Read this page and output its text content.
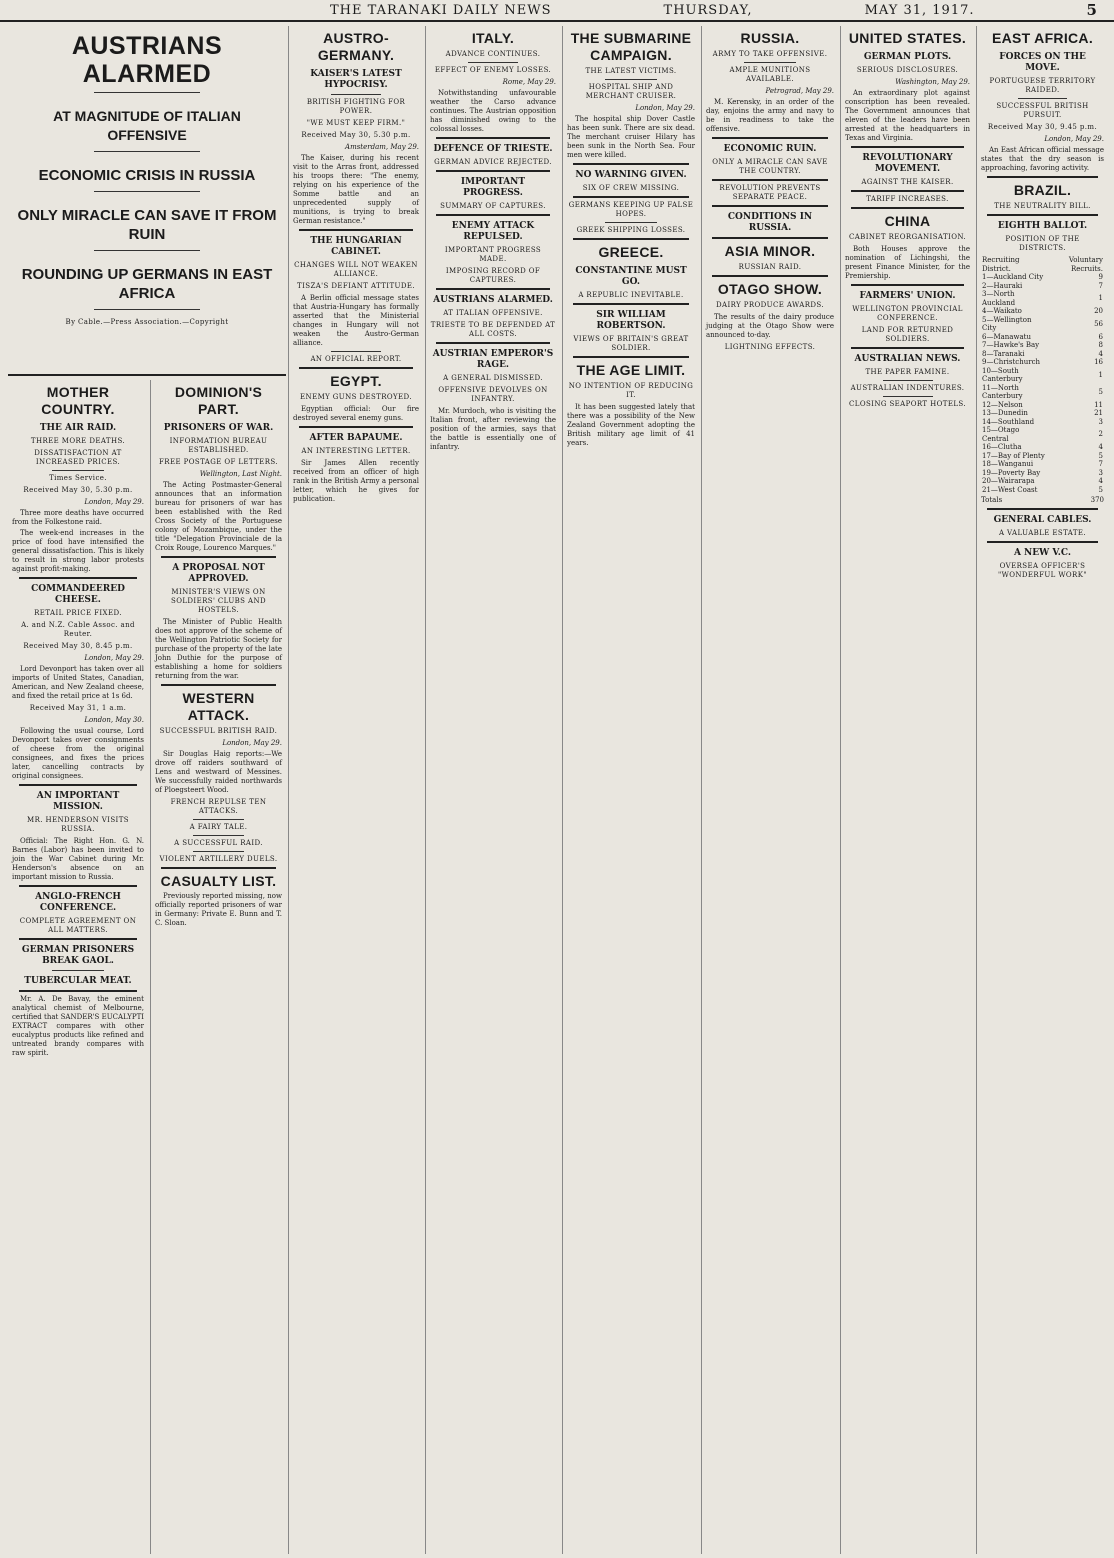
THE TARANAKI DAILY NEWS	THURSDAY,	MAY 31, 1917.	5
AUSTRIANS ALARMED
AT MAGNITUDE OF ITALIAN OFFENSIVE
ECONOMIC CRISIS IN RUSSIA
ONLY MIRACLE CAN SAVE IT FROM RUIN
ROUNDING UP GERMANS IN EAST AFRICA
By Cable.—Press Association.—Copyright
MOTHER COUNTRY.
THE AIR RAID.
THREE MORE DEATHS.
DISSATISFACTION AT INCREASED PRICES.
Times Service.
Received May 30, 5.30 p.m.
London, May 29.

Three more deaths have occurred from the Folkestone raid.

The week-end increases in the price of food have intensified the general dissatisfaction. This is likely to result in strong labor protests against profit-making.

COMMANDEERED CHEESE.
RETAIL PRICE FIXED.
A. and N.Z. Cable Assoc. and Reuter.
Received May 30, 8.45 p.m.
London, May 29.

Lord Devonport has taken over all imports of United States, Canadian, American, and New Zealand cheese, and fixed the retail price at 1s 6d.

Received May 31, 1 a.m.
London, May 30.

Following the usual course, Lord Devonport takes over consignments of cheese from the original consignees, and fixes the prices later, cancelling contracts by original consignees.

AN IMPORTANT MISSION.
MR. HENDERSON VISITS RUSSIA.

Official: The Right Hon. G. N. Barnes (Labor) has been invited to join the War Cabinet during Mr. Henderson's absence on an important mission to Russia.

ANGLO-FRENCH CONFERENCE.
COMPLETE AGREEMENT ON ALL MATTERS.
GERMAN PRISONERS BREAK GAOL.
TUBERCULAR MEAT.

Mr. A. De Bavay, the eminent analytical chemist of Melbourne, certified that SANDER'S EUCALYPTI EXTRACT compares with other eucalyptus products like refined and untreated brandy compares with raw spirit.

DOMINION'S PART.
PRISONERS OF WAR.
INFORMATION BUREAU ESTABLISHED.
FREE POSTAGE OF LETTERS.
Wellington, Last Night.

The Acting Postmaster-General announces that an information bureau for prisoners of war has been established with the Red Cross Society of the Portuguese colony of Mozambique, under the title "Delegation Provinciale de la Croix Rouge, Lourenco Marques."

A PROPOSAL NOT APPROVED.
MINISTER'S VIEWS ON SOLDIERS' CLUBS AND HOSTELS.

The Minister of Public Health does not approve of the scheme of the Wellington Patriotic Society for purchase of the property of the late John Duthie for the purpose of establishing a home for soldiers returning from the war.

WESTERN ATTACK.
SUCCESSFUL BRITISH RAID.
London, May 29.

Sir Douglas Haig reports:—We drove off raiders southward of Lens and westward of Messines. We successfully raided northwards of Ploegsteert Wood.

FRENCH REPULSE TEN ATTACKS.
A FAIRY TALE.
A SUCCESSFUL RAID.
VIOLENT ARTILLERY DUELS.
CASUALTY LIST.

Previously reported missing, now officially reported prisoners of war in Germany: Private E. Bunn and T. C. Sloan.

AUSTRO-GERMANY.
KAISER'S LATEST HYPOCRISY.
BRITISH FIGHTING FOR POWER.
"WE MUST KEEP FIRM."
Received May 30, 5.30 p.m.
Amsterdam, May 29.

The Kaiser, during his recent visit to the Arras front, addressed his troops there: "The enemy, relying on his experience of the Somme battle and an unprecedented supply of munitions, is trying to break German resistance."

THE HUNGARIAN CABINET.
CHANGES WILL NOT WEAKEN ALLIANCE.
TISZA'S DEFIANT ATTITUDE.

A Berlin official message states that Austria-Hungary has formally asserted that the Ministerial changes in Hungary will not weaken the Austro-German alliance.

AN OFFICIAL REPORT.
EGYPT.
ENEMY GUNS DESTROYED.

Egyptian official: Our fire destroyed several enemy guns.

AFTER BAPAUME.
AN INTERESTING LETTER.

Sir James Allen recently received from an officer of high rank in the British Army a personal letter, which he gives for publication.

ITALY.
ADVANCE CONTINUES.
EFFECT OF ENEMY LOSSES.
Rome, May 29.

Notwithstanding unfavourable weather the Carso advance continues. The Austrian opposition has diminished owing to the colossal losses.

DEFENCE OF TRIESTE.
GERMAN ADVICE REJECTED.
IMPORTANT PROGRESS.
SUMMARY OF CAPTURES.
ENEMY ATTACK REPULSED.
IMPORTANT PROGRESS MADE.
IMPOSING RECORD OF CAPTURES.
AUSTRIANS ALARMED.
AT ITALIAN OFFENSIVE.
TRIESTE TO BE DEFENDED AT ALL COSTS.
AUSTRIAN EMPEROR'S RAGE.
A GENERAL DISMISSED.
OFFENSIVE DEVOLVES ON INFANTRY.

Mr. Murdoch, who is visiting the Italian front, after reviewing the position of the armies, says that the battle is essentially one of infantry.

THE SUBMARINE CAMPAIGN.
THE LATEST VICTIMS.
HOSPITAL SHIP AND MERCHANT CRUISER.
London, May 29.

The hospital ship Dover Castle has been sunk. There are six dead. The merchant cruiser Hilary has been sunk in the North Sea. Four men were killed.

NO WARNING GIVEN.
SIX OF CREW MISSING.
GERMANS KEEPING UP FALSE HOPES.
GREEK SHIPPING LOSSES.
GREECE.
CONSTANTINE MUST GO.
A REPUBLIC INEVITABLE.
SIR WILLIAM ROBERTSON.
VIEWS OF BRITAIN'S GREAT SOLDIER.
THE AGE LIMIT.
NO INTENTION OF REDUCING IT.

It has been suggested lately that there was a possibility of the New Zealand Government adopting the British military age limit of 41 years.

RUSSIA.
ARMY TO TAKE OFFENSIVE.
AMPLE MUNITIONS AVAILABLE.
Petrograd, May 29.

M. Kerensky, in an order of the day, enjoins the army and navy to be in readiness to take the offensive.

ECONOMIC RUIN.
ONLY A MIRACLE CAN SAVE THE COUNTRY.
REVOLUTION PREVENTS SEPARATE PEACE.
CONDITIONS IN RUSSIA.
ASIA MINOR.
RUSSIAN RAID.
OTAGO SHOW.
DAIRY PRODUCE AWARDS.

The results of the dairy produce judging at the Otago Show were announced to-day.

LIGHTNING EFFECTS.
UNITED STATES.
GERMAN PLOTS.
SERIOUS DISCLOSURES.
Washington, May 29.

An extraordinary plot against conscription has been revealed. The Government announces that eleven of the leaders have been arrested at the headquarters in Texas and Virginia.

REVOLUTIONARY MOVEMENT.
AGAINST THE KAISER.
TARIFF INCREASES.
CHINA
CABINET REORGANISATION.

Both Houses approve the nomination of Lichingshi, the present Finance Minister, for the Premiership.

FARMERS' UNION.
WELLINGTON PROVINCIAL CONFERENCE.
LAND FOR RETURNED SOLDIERS.
AUSTRALIAN NEWS.
THE PAPER FAMINE.
AUSTRALIAN INDENTURES.
CLOSING SEAPORT HOTELS.
EAST AFRICA.
FORCES ON THE MOVE.
PORTUGUESE TERRITORY RAIDED.
SUCCESSFUL BRITISH PURSUIT.
Received May 30, 9.45 p.m.
London, May 29.

An East African official message states that the dry season is approaching, favoring activity.

BRAZIL.
THE NEUTRALITY BILL.
EIGHTH BALLOT.
POSITION OF THE DISTRICTS.
Recruiting District.	Voluntary Recruits.
1—Auckland City	9
2—Hauraki	7
3—North Auckland	1
4—Waikato	20
5—Wellington City	56
6—Manawatu	6
7—Hawke's Bay	8
8—Taranaki	4
9—Christchurch	16
10—South Canterbury	1
11—North Canterbury	5
12—Nelson	11
13—Dunedin	21
14—Southland	3
15—Otago Central	2
16—Clutha	4
17—Bay of Plenty	5
18—Wanganui	7
19—Poverty Bay	3
20—Wairarapa	4
21—West Coast	5
Totals	370
GENERAL CABLES.
A VALUABLE ESTATE.
A NEW V.C.
OVERSEA OFFICER'S "WONDERFUL WORK"
